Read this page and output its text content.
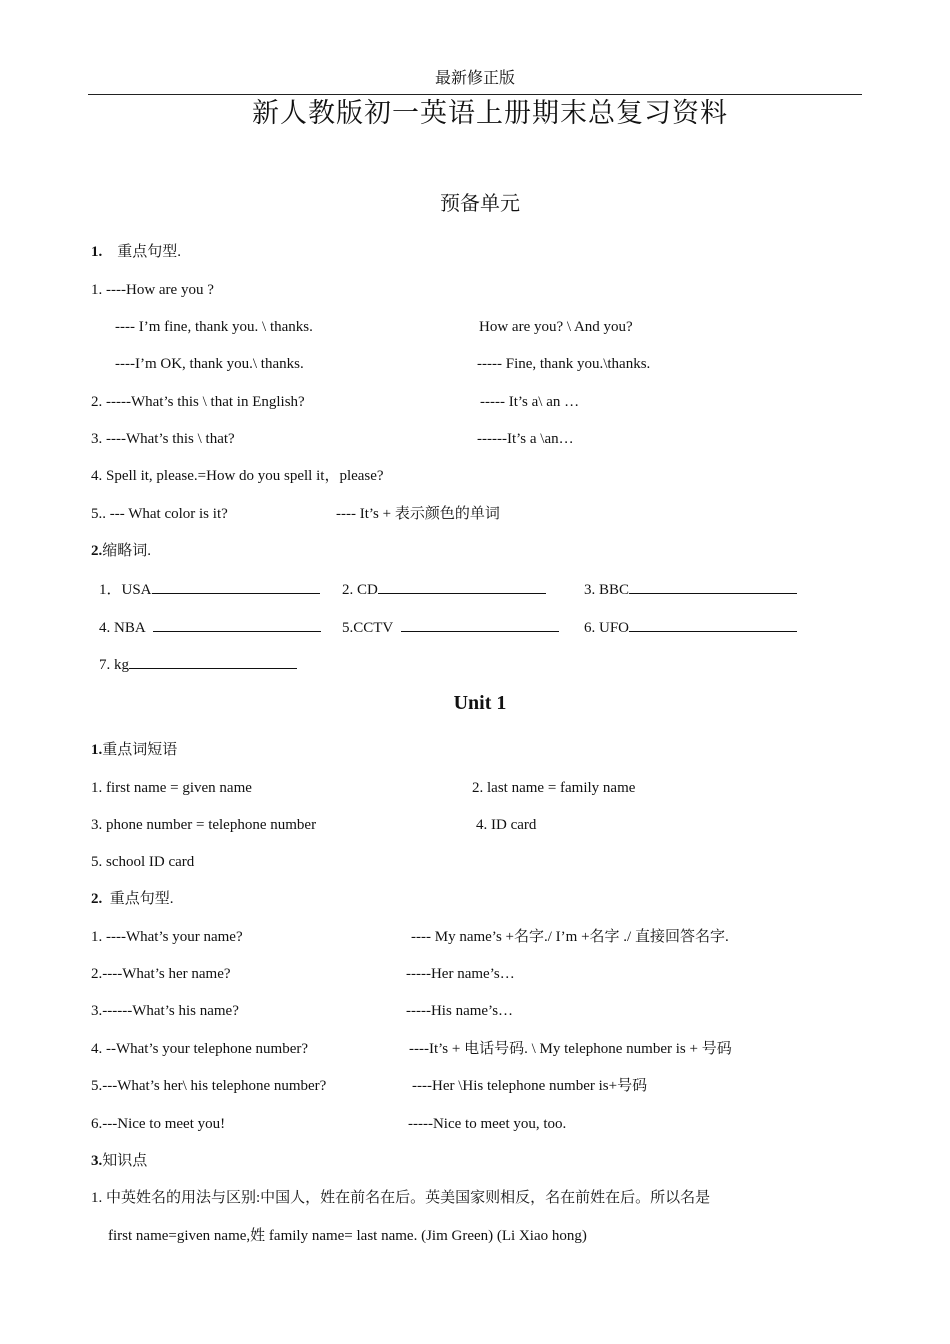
最新修正版
新人教版初一英语上册期末总复习资料
预备单元
1. 重点句型.
1. ----How are you ?
---- I’m fine, thank you. \ thanks.	How are you? \ And you?
----I’m OK, thank you.\ thanks.	----- Fine, thank you.\thanks.
2. -----What’s this \ that in English?	----- It’s a\ an …
3. ----What’s this \ that?	------It’s a \an…
4. Spell it, please.=How do you spell it，please?
5.. --- What color is it?	---- It’s + 表示颜色的单词
2.缩略词.
1．USA	2. CD	3. BBC
4. NBA	5.CCTV	6. UFO
7. kg
Unit 1
1.重点词短语
1. first name = given name	2. last name = family name
3. phone number = telephone number	4. ID card
5. school ID card
2. 重点句型.
1. ----What’s your name?	---- My name’s +名字./ I’m +名字 ./ 直接回答名字.
2.----What’s her name?	-----Her name’s…
3.------What’s his name?	-----His name’s…
4. --What’s your telephone number?	----It’s + 电话号码. \ My telephone number is + 号码
5.---What’s her\ his telephone number?	----Her \His telephone number is+号码
6.---Nice to meet you!	-----Nice to meet you, too.
3.知识点
1. 中英姓名的用法与区别:中国人，姓在前名在后。英美国家则相反，名在前姓在后。所以名是
first name=given name,姓 family name= last name. (Jim Green) (Li Xiao hong)
